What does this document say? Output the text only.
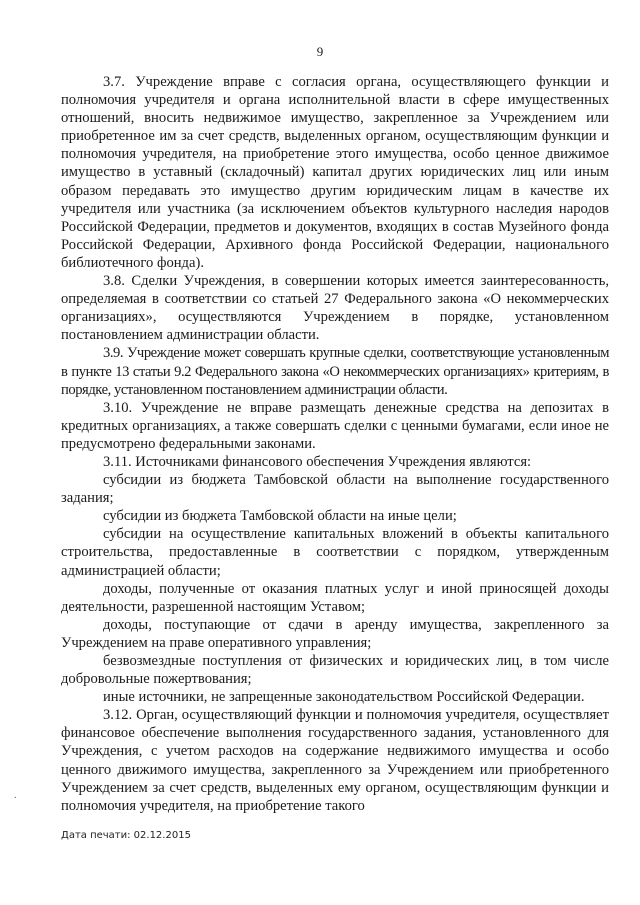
9

3.7. Учреждение вправе с согласия органа, осуществляющего функции и полномочия учредителя и органа исполнительной власти в сфере имущественных отношений, вносить недвижимое имущество, закрепленное за Учреждением или приобретенное им за счет средств, выделенных органом, осуществляющим функции и полномочия учредителя, на приобретение этого имущества, особо ценное движимое имущество в уставный (складочный) капитал других юридических лиц или иным образом передавать это имущество другим юридическим лицам в качестве их учредителя или участника (за исключением объектов культурного наследия народов Российской Федерации, предметов и документов, входящих в состав Музейного фонда Российской Федерации, Архивного фонда Российской Федерации, национального библиотечного фонда).

3.8. Сделки Учреждения, в совершении которых имеется заинтересованность, определяемая в соответствии со статьей 27 Федерального закона «О некоммерческих организациях», осуществляются Учреждением в порядке, установленном постановлением администрации области.

3.9. Учреждение может совершать крупные сделки, соответствующие установленным в пункте 13 статьи 9.2 Федерального закона «О некоммерческих организациях» критериям, в порядке, установленном постановлением администрации области.

3.10. Учреждение не вправе размещать денежные средства на депозитах в кредитных организациях, а также совершать сделки с ценными бумагами, если иное не предусмотрено федеральными законами.

3.11. Источниками финансового обеспечения Учреждения являются:

субсидии из бюджета Тамбовской области на выполнение государственного задания;

субсидии из бюджета Тамбовской области на иные цели;

субсидии на осуществление капитальных вложений в объекты капитального строительства, предоставленные в соответствии с порядком, утвержденным администрацией области;

доходы, полученные от оказания платных услуг и иной приносящей доходы деятельности, разрешенной настоящим Уставом;

доходы, поступающие от сдачи в аренду имущества, закрепленного за Учреждением на праве оперативного управления;

безвозмездные поступления от физических и юридических лиц, в том числе добровольные пожертвования;

иные источники, не запрещенные законодательством Российской Федерации.

3.12. Орган, осуществляющий функции и полномочия учредителя, осуществляет финансовое обеспечение выполнения государственного задания, установленного для Учреждения, с учетом расходов на содержание недвижимого имущества и особо ценного движимого имущества, закрепленного за Учреждением или приобретенного Учреждением за счет средств, выделенных ему органом, осуществляющим функции и полномочия учредителя, на приобретение такого

.
Дата печати: 02.12.2015
